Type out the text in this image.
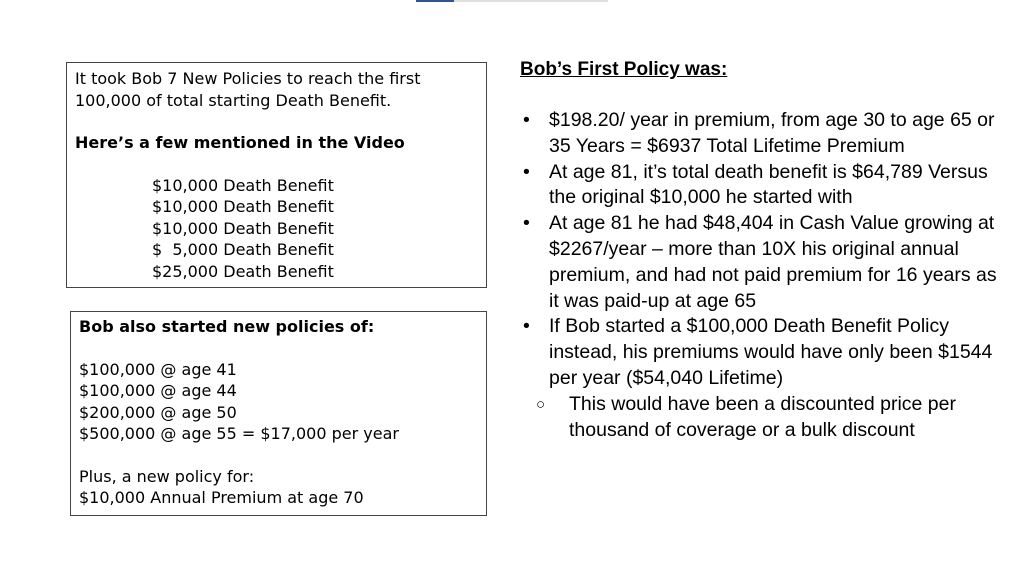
It took Bob 7 New Policies to reach the first
100,000 of total starting Death Benefit.
Here’s a few mentioned in the Video
$10,000 Death Benefit
$10,000 Death Benefit
$10,000 Death Benefit
$  5,000 Death Benefit
$25,000 Death Benefit
Bob also started new policies of:
$100,000 @ age 41
$100,000 @ age 44
$200,000 @ age 50
$500,000 @ age 55 = $17,000 per year
Plus, a new policy for:
$10,000 Annual Premium at age 70
Bob’s First Policy was:
• $198.20/ year in premium, from age 30 to age 65 or 35 Years = $6937 Total Lifetime Premium
• At age 81, it’s total death benefit is $64,789 Versus the original $10,000 he started with
• At age 81 he had $48,404 in Cash Value growing at $2267/year – more than 10X his original annual premium, and had not paid premium for 16 years as it was paid-up at age 65
• If Bob started a $100,000 Death Benefit Policy instead, his premiums would have only been $1544 per year ($54,040 Lifetime)
○ This would have been a discounted price per thousand of coverage or a bulk discount
